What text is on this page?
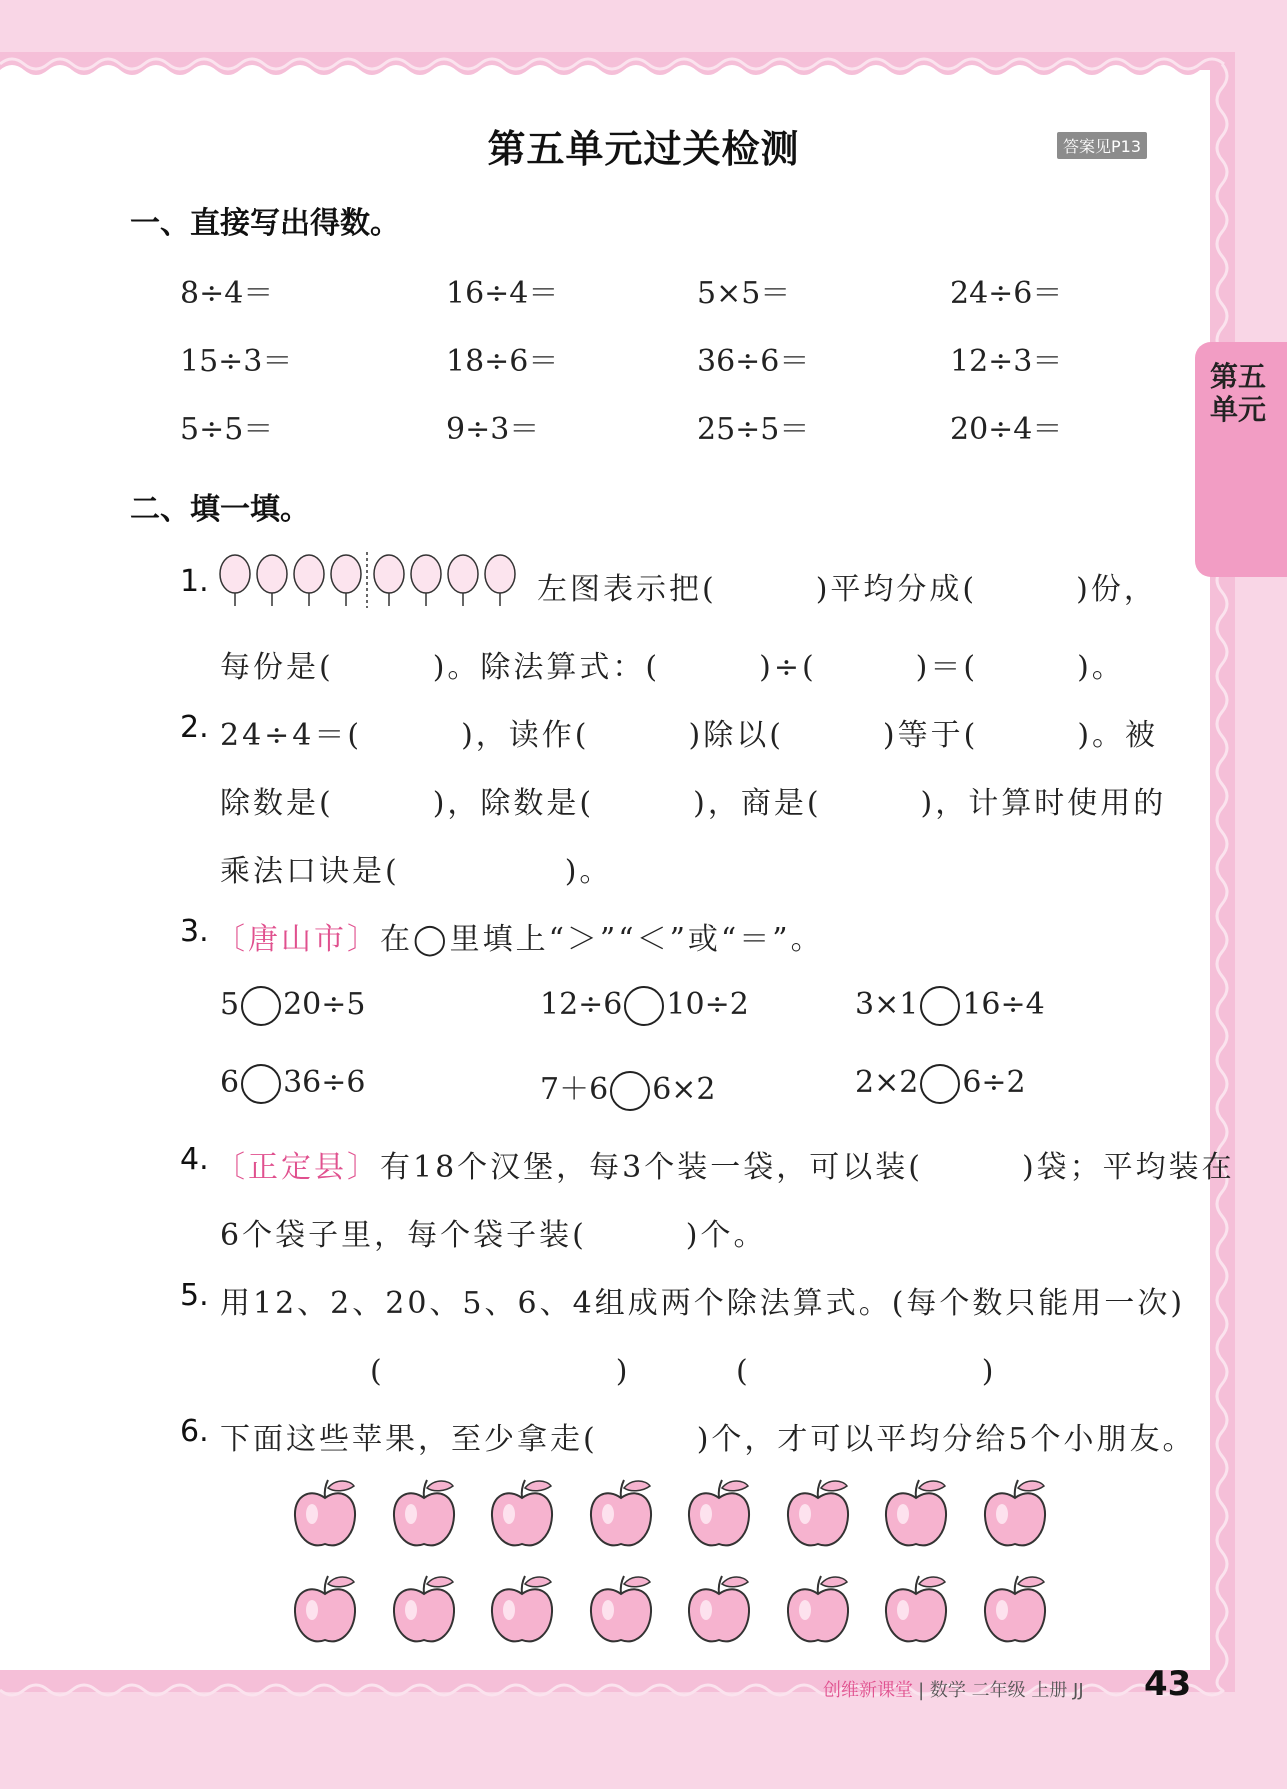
第五单元
第五单元过关检测	答案见P13
一、直接写出得数。
8÷4＝	16÷4＝	5×5＝	24÷6＝
15÷3＝	18÷6＝	36÷6＝	12÷3＝
5÷5＝	9÷3＝	25÷5＝	20÷4＝
二、填一填。
1.	左图表示把(　　　)平均分成(　　　)份，
每份是(　　　)。除法算式：(　　　)÷(　　　)＝(　　　)。
2. 24÷4＝(　　　)，读作(　　　)除以(　　　)等于(　　　)。被
除数是(　　　)，除数是(　　　)，商是(　　　)，计算时使用的
乘法口诀是(　　　　　)。
3. 〔唐山市〕在◯里填上“＞”“＜”或“＝”。
5 20÷5	12÷6 10÷2	3×1 16÷4
6 36÷6	7＋6 6×2	2×2 6÷2
4. 〔正定县〕有18个汉堡，每3个装一袋，可以装(　　　)袋；平均装在
6个袋子里，每个袋子装(　　　)个。
5. 用12、2、20、5、6、4组成两个除法算式。(每个数只能用一次)
(　　　　　　　)	(　　　　　　　)
6. 下面这些苹果，至少拿走(　　　)个，才可以平均分给5个小朋友。
创维新课堂 | 数学 二年级 上册 JJ 43
